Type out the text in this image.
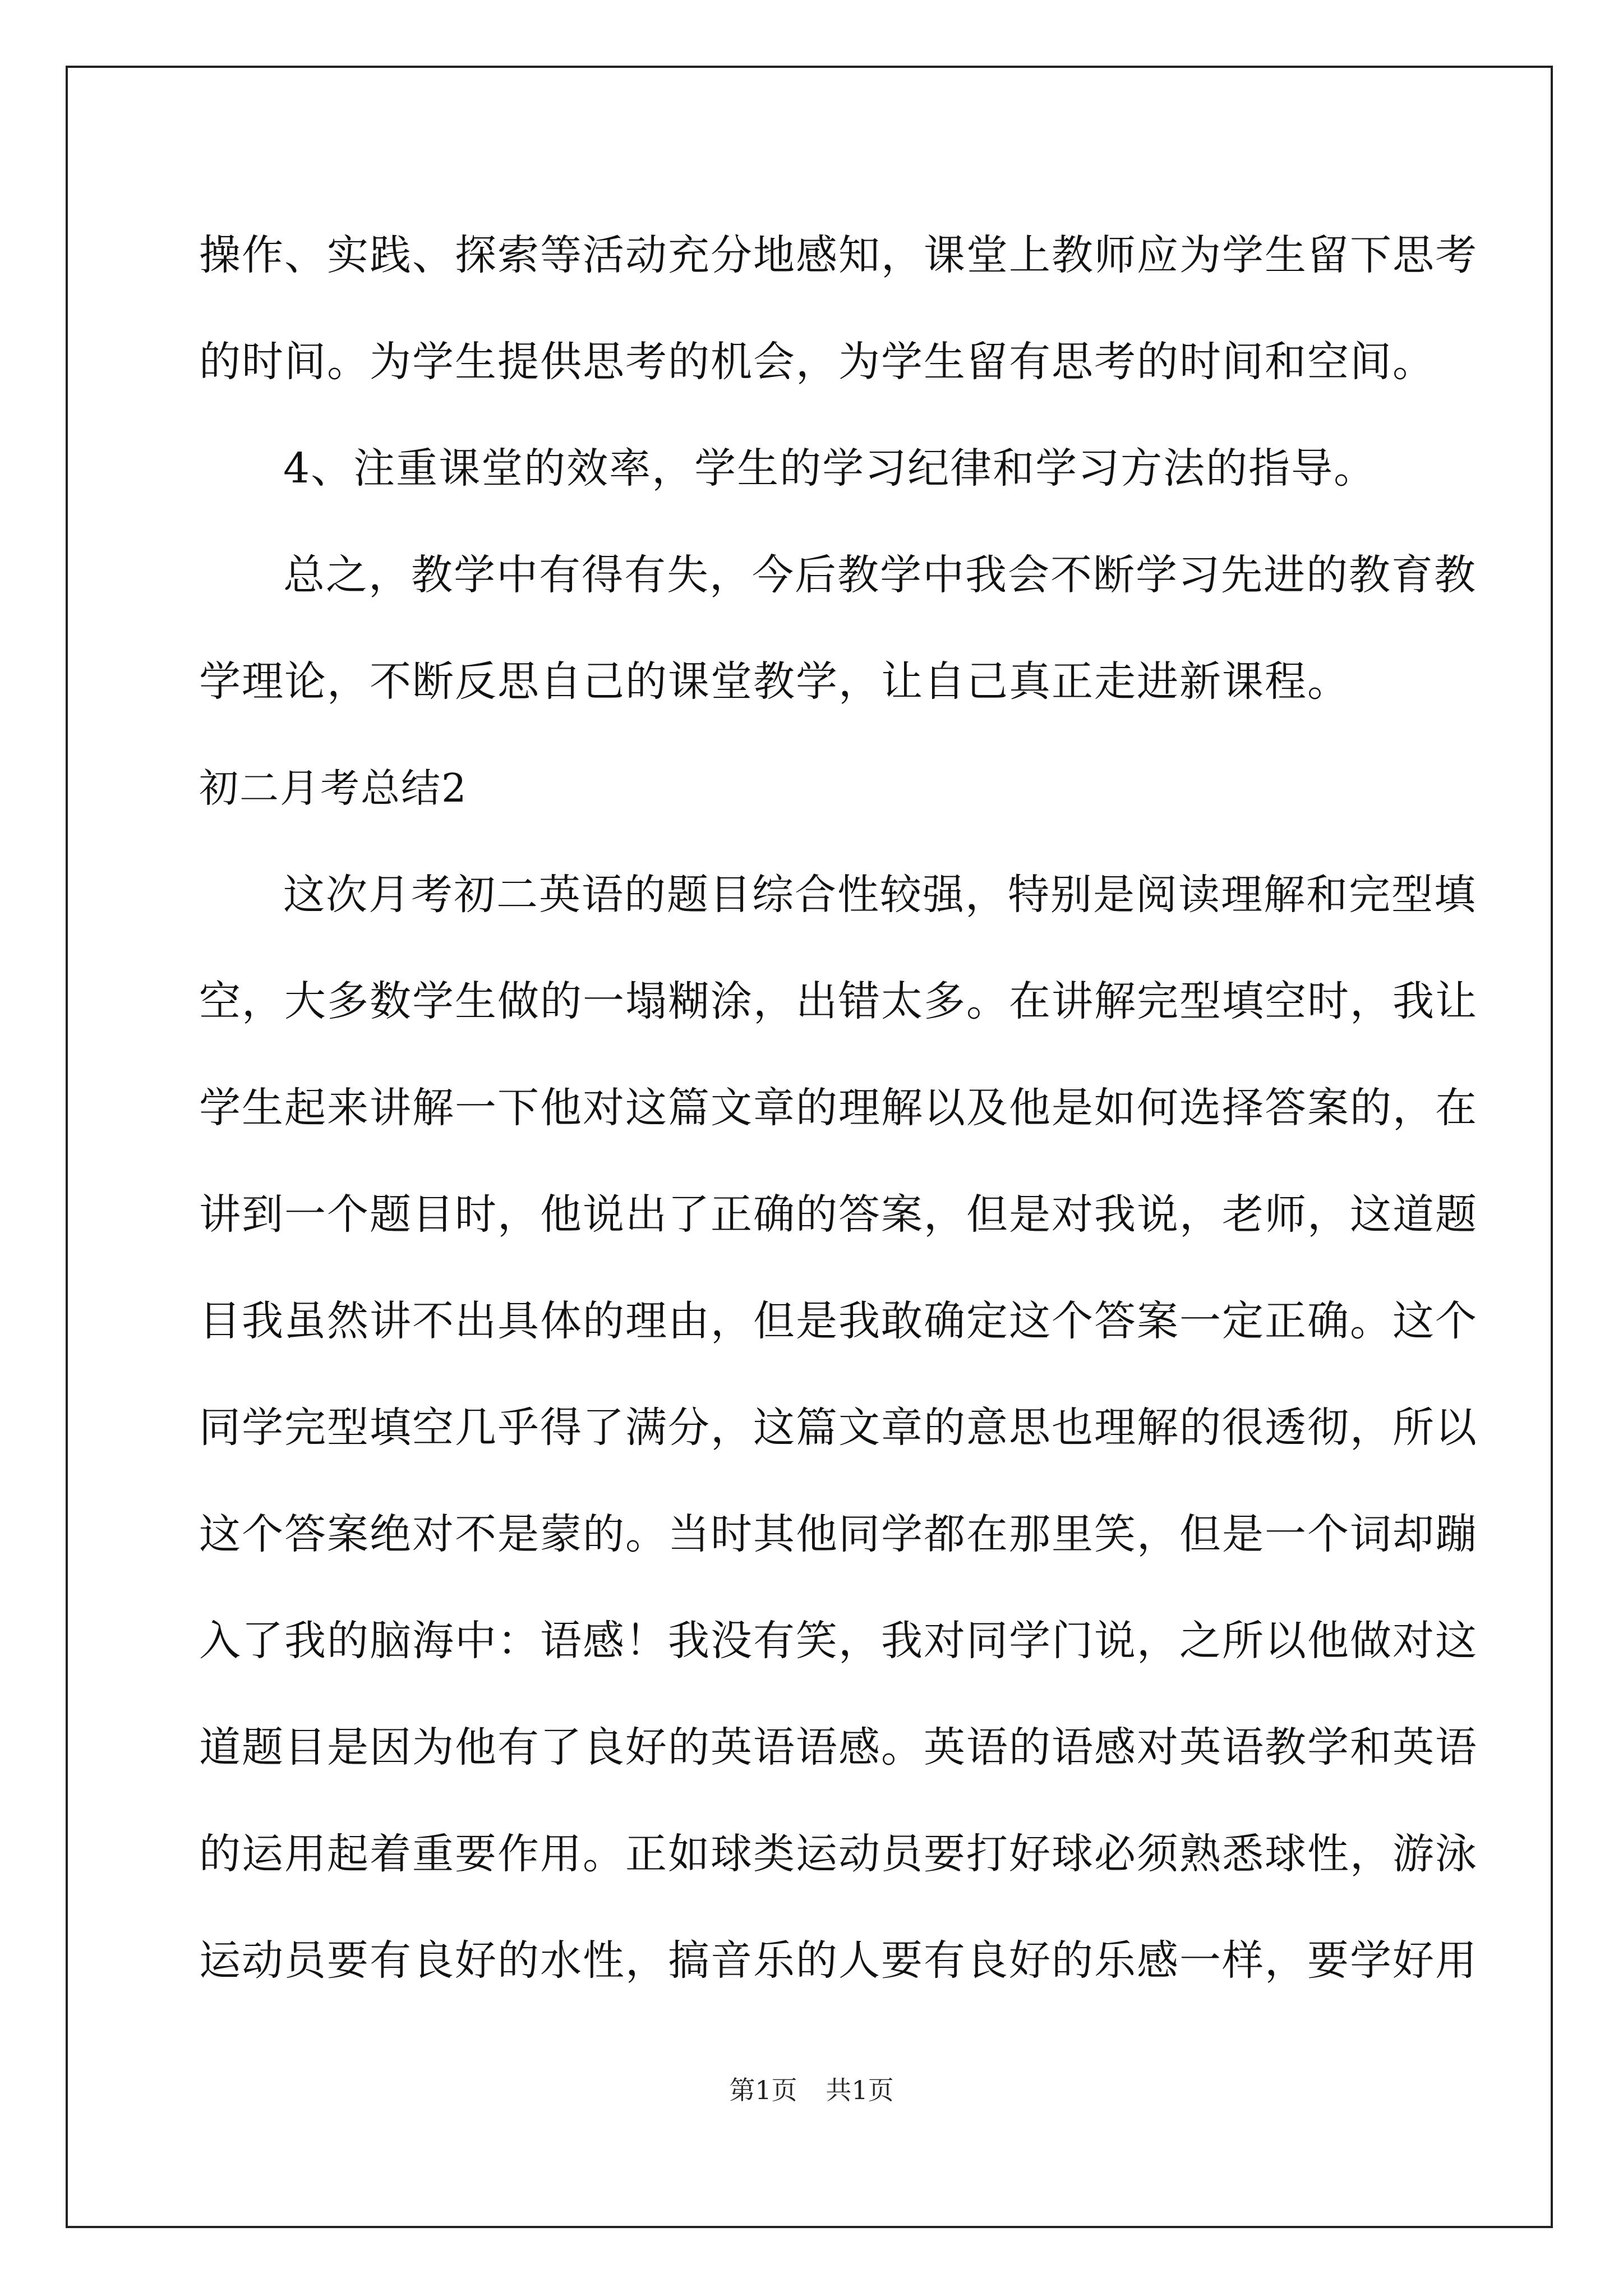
操作、实践、探索等活动充分地感知，课堂上教师应为学生留下思考
的时间。为学生提供思考的机会，为学生留有思考的时间和空间。
4、注重课堂的效率，学生的学习纪律和学习方法的指导。
总之，教学中有得有失，今后教学中我会不断学习先进的教育教
学理论，不断反思自己的课堂教学，让自己真正走进新课程。
初二月考总结2
这次月考初二英语的题目综合性较强，特别是阅读理解和完型填
空，大多数学生做的一塌糊涂，出错太多。在讲解完型填空时，我让
学生起来讲解一下他对这篇文章的理解以及他是如何选择答案的，在
讲到一个题目时，他说出了正确的答案，但是对我说，老师，这道题
目我虽然讲不出具体的理由，但是我敢确定这个答案一定正确。这个
同学完型填空几乎得了满分，这篇文章的意思也理解的很透彻，所以
这个答案绝对不是蒙的。当时其他同学都在那里笑，但是一个词却蹦
入了我的脑海中：语感！我没有笑，我对同学门说，之所以他做对这
道题目是因为他有了良好的英语语感。英语的语感对英语教学和英语
的运用起着重要作用。正如球类运动员要打好球必须熟悉球性，游泳
运动员要有良好的水性，搞音乐的人要有良好的乐感一样，要学好用
第1页 共1页
